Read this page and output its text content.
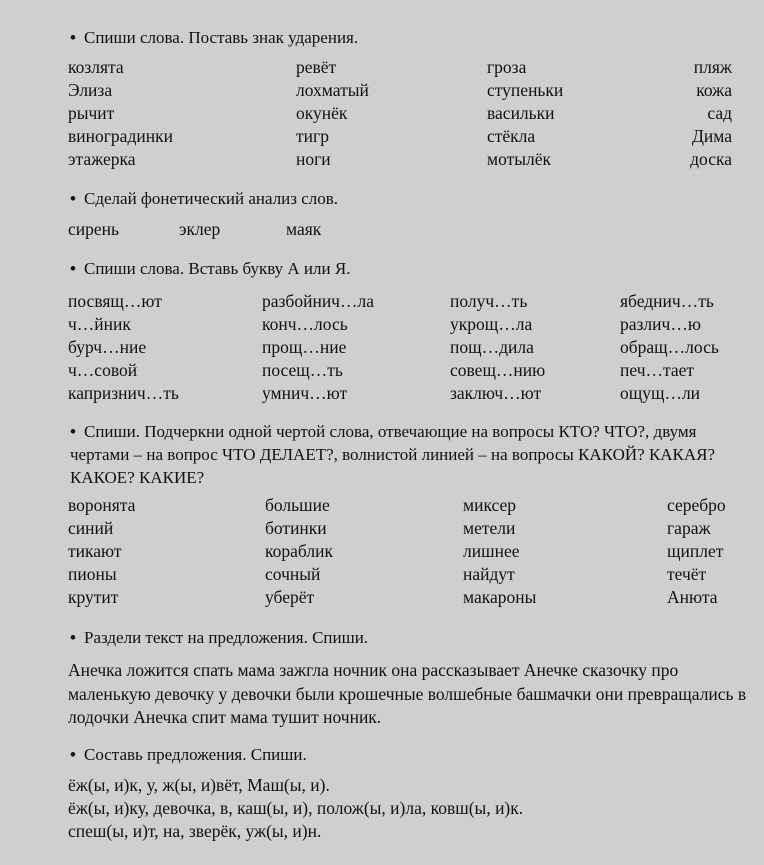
• Спиши слова. Поставь знак ударения.
козлята
Элиза
рычит
виноградинки
этажерка
ревёт
лохматый
окунёк
тигр
ноги
гроза
ступеньки
васильки
стёкла
мотылёк
пляж
кожа
сад
Дима
доска
• Сделай фонетический анализ слов.
сирень	эклер	маяк
• Спиши слова. Вставь букву А или Я.
посвящ…ют
ч…йник
бурч…ние
ч…совой
капризнич…ть
разбойнич…ла
конч…лось
прощ…ние
посещ…ть
умнич…ют
получ…ть
укрощ…ла
пощ…дила
совещ…нию
заключ…ют
ябеднич…ть
различ…ю
обращ…лось
печ…тает
ощущ…ли
• Спиши. Подчеркни одной чертой слова, отвечающие на вопросы КТО? ЧТО?, двумя чертами – на вопрос ЧТО ДЕЛАЕТ?, волнистой линией – на вопросы КАКОЙ? КАКАЯ? КАКОЕ? КАКИЕ?
воронята
синий
тикают
пионы
крутит
большие
ботинки
кораблик
сочный
уберёт
миксер
метели
лишнее
найдут
макароны
серебро
гараж
щиплет
течёт
Анюта
• Раздели текст на предложения. Спиши.

Анечка ложится спать мама зажгла ночник она рассказывает Анечке сказочку про маленькую девочку у девочки были крошечные волшебные башмачки они превращались в лодочки Анечка спит мама тушит ночник.

• Составь предложения. Спиши.
ёж(ы, и)к, у, ж(ы, и)вёт, Маш(ы, и).
ёж(ы, и)ку, девочка, в, каш(ы, и), полож(ы, и)ла, ковш(ы, и)к.
спеш(ы, и)т, на, зверёк, уж(ы, и)н.
